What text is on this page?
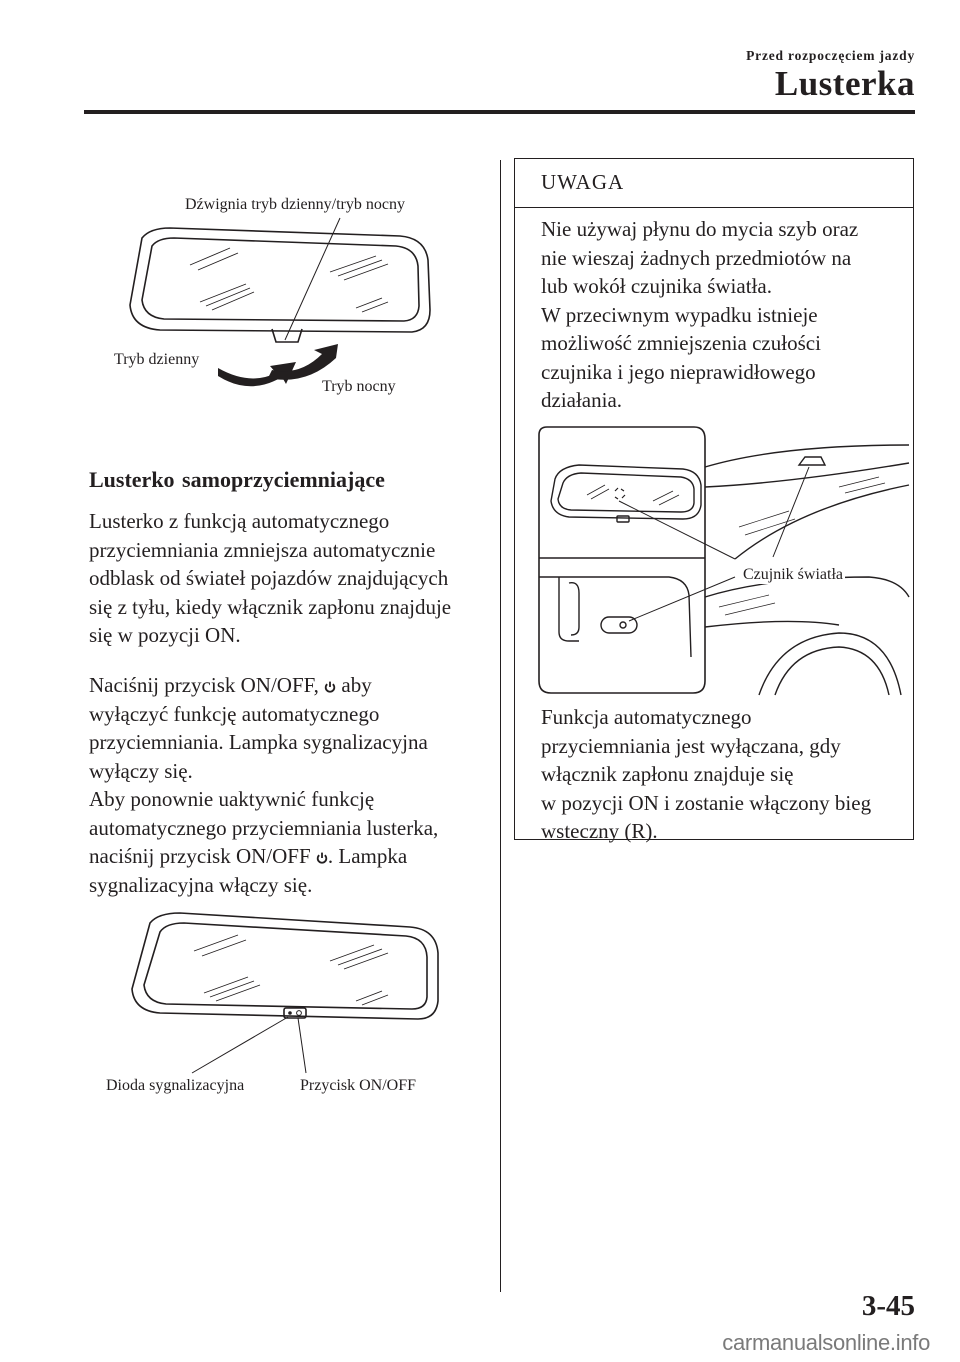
Przed rozpoczęciem jazdy
Lusterka
Dźwignia tryb dzienny/tryb nocny
Tryb dzienny
Tryb nocny
Lusterko samoprzyciemniające
Lusterko z funkcją automatycznego
przyciemniania zmniejsza automatycznie
odblask od świateł pojazdów znajdujących
się z tyłu, kiedy włącznik zapłonu znajduje
się w pozycji ON.
Naciśnij przycisk ON/OFF,  aby
wyłączyć funkcję automatycznego
przyciemniania. Lampka sygnalizacyjna
wyłączy się.
Aby ponownie uaktywnić funkcję
automatycznego przyciemniania lusterka,
naciśnij przycisk ON/OFF . Lampka
sygnalizacyjna włączy się.
Dioda sygnalizacyjna	Przycisk ON/OFF
UWAGA
Nie używaj płynu do mycia szyb oraz
nie wieszaj żadnych przedmiotów na
lub wokół czujnika światła.
W przeciwnym wypadku istnieje
możliwość zmniejszenia czułości
czujnika i jego nieprawidłowego
działania.
Czujnik światła
Funkcja automatycznego
przyciemniania jest wyłączana, gdy
włącznik zapłonu znajduje się
w pozycji ON i zostanie włączony bieg
wsteczny (R).
3-45
carmanualsonline.info
